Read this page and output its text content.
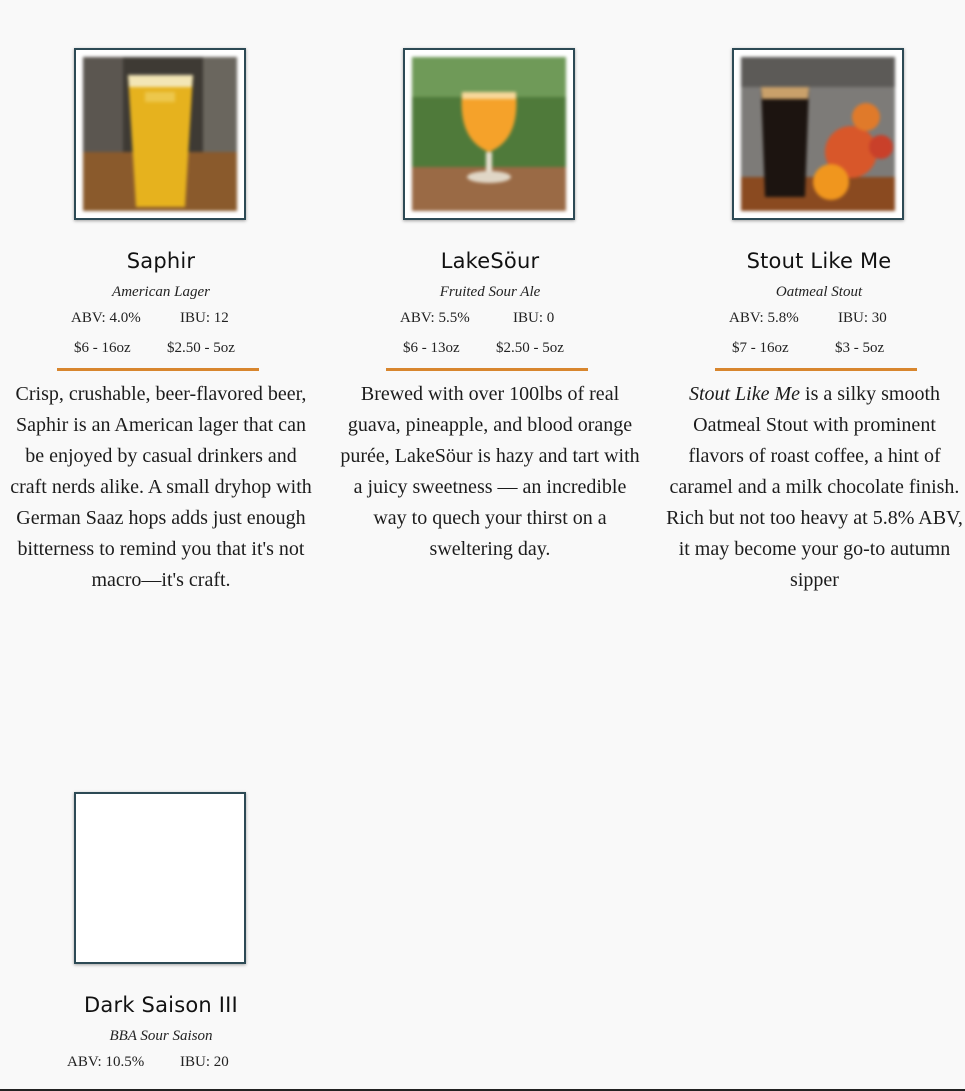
Saphir
American Lager
ABV: 4.0%	IBU: 12
$6 - 16oz $2.50 - 5oz
Crisp, crushable, beer-flavored beer, Saphir is an American lager that can be enjoyed by casual drinkers and craft nerds alike. A small dryhop with German Saaz hops adds just enough bitterness to remind you that it's not macro—it's craft.
LakeSöur
Fruited Sour Ale
ABV: 5.5%	IBU: 0
$6 - 13oz $2.50 - 5oz
Brewed with over 100lbs of real guava, pineapple, and blood orange purée, LakeSöur is hazy and tart with a juicy sweetness — an incredible way to quech your thirst on a sweltering day.
Stout Like Me
Oatmeal Stout
ABV: 5.8%	IBU: 30
$7 - 16oz	$3 - 5oz
Stout Like Me is a silky smooth Oatmeal Stout with prominent flavors of roast coffee, a hint of caramel and a milk chocolate finish. Rich but not too heavy at 5.8% ABV, it may become your go-to autumn sipper
Dark Saison III
BBA Sour Saison
ABV: 10.5% IBU: 20
